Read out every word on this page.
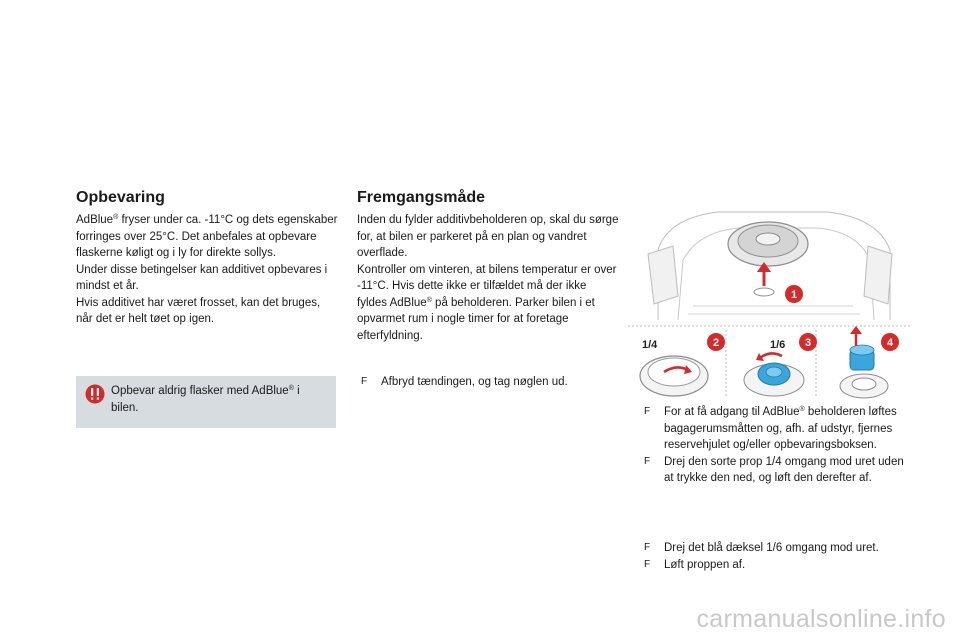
Opbevaring

AdBlue® fryser under ca. -11°C og dets egenskaber forringes over 25°C. Det anbefales at opbevare flaskerne køligt og i ly for direkte sollys.

Under disse betingelser kan additivet opbevares i mindst et år.

Hvis additivet har været frosset, kan det bruges, når det er helt tøet op igen.

Opbevar aldrig flasker med AdBlue® i bilen.
Fremgangsmåde

Inden du fylder additivbeholderen op, skal du sørge for, at bilen er parkeret på en plan og vandret overflade.

Kontroller om vinteren, at bilens temperatur er over -11°C. Hvis dette ikke er tilfældet må der ikke fyldes AdBlue® på beholderen. Parker bilen i et opvarmet rum i nogle timer for at foretage efterfyldning.

F Afbryd tændingen, og tag nøglen ud.
1
1/4	2	1/6 3	4
F For at få adgang til AdBlue® beholderen løftes bagagerumsmåtten og, afh. af udstyr, fjernes reservehjulet og/eller opbevaringsboksen.
F Drej den sorte prop 1/4 omgang mod uret uden at trykke den ned, og løft den derefter af.
F Drej det blå dæksel 1/6 omgang mod uret.
F Løft proppen af.
carmanualsonline.info
